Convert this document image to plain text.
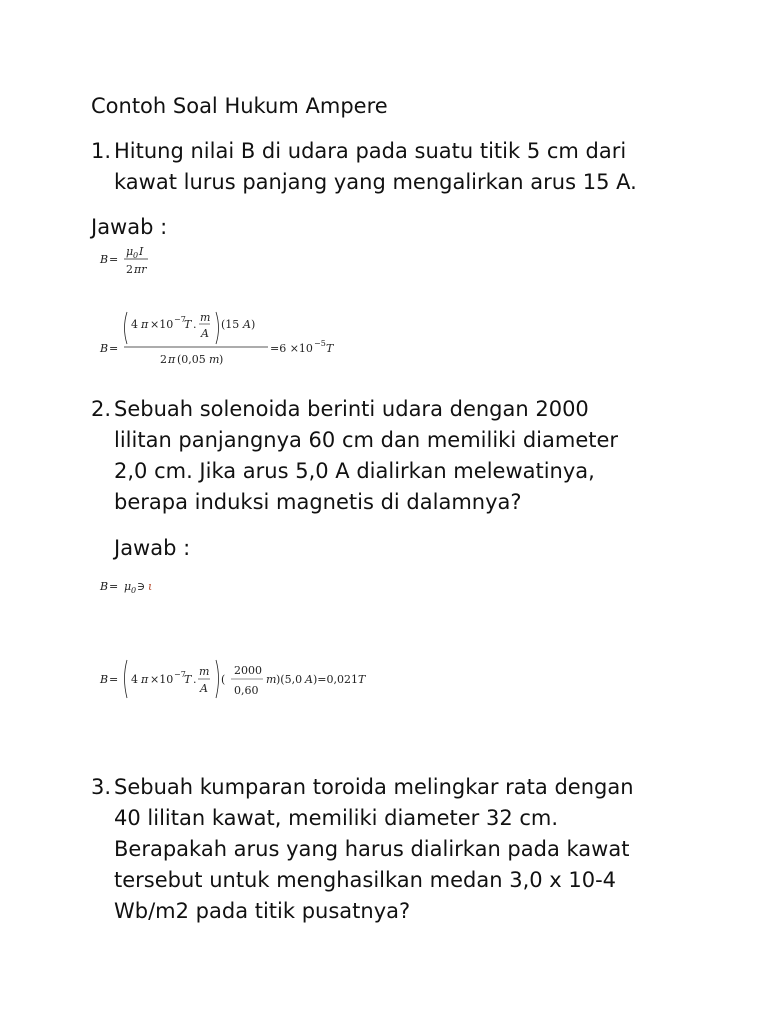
Contoh Soal Hukum Ampere
1. Hitung nilai B di udara pada suatu titik 5 cm dari
kawat lurus panjang yang mengalirkan arus 15 A.
Jawab :
B =
μ 0 I
2 πr
B =
4 π ×10 −7
T .
m
A
(15 A )
2 π (0,05 m )
=6 ×10 −5 T
2. Sebuah solenoida berinti udara dengan 2000
lilitan panjangnya 60 cm dan memiliki diameter
2,0 cm. Jika arus 5,0 A dialirkan melewatinya,
berapa induksi magnetis di dalamnya?
Jawab :
B = μ 0 ∋ ι
B = 4 π ×10 −7
T .
m
A
(
2000
0,60
m )(5,0 A )=0,021 T
3. Sebuah kumparan toroida melingkar rata dengan
40 lilitan kawat, memiliki diameter 32 cm.
Berapakah arus yang harus dialirkan pada kawat
tersebut untuk menghasilkan medan 3,0 x 10-4
Wb/m2 pada titik pusatnya?
